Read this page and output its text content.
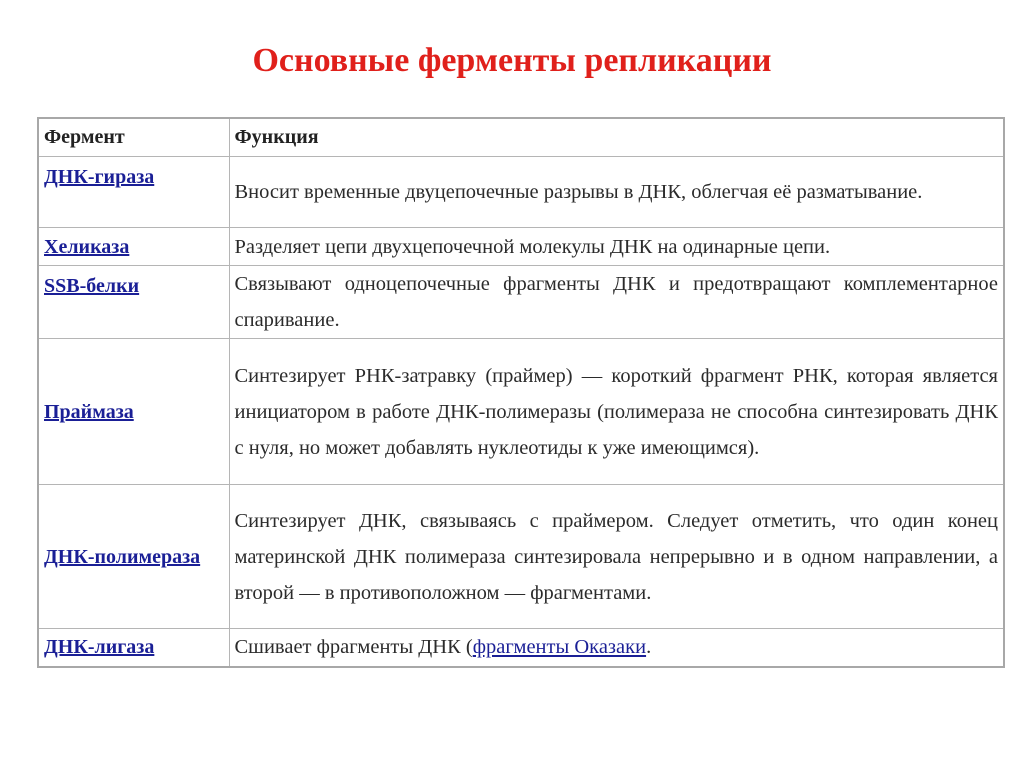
Основные ферменты репликации
Фермент	Функция
ДНК-гираза	Вносит временные двуцепочечные разрывы в ДНК, облегчая её разматывание.
Хеликаза	Разделяет цепи двухцепочечной молекулы ДНК на одинарные цепи.
SSB-белки	Связывают одноцепочечные фрагменты ДНК и предотвращают комплементарное спаривание.
Праймаза	Синтезирует РНК-затравку (праймер) — короткий фрагмент РНК, которая является инициатором в работе ДНК-полимеразы (полимераза не способна синтезировать ДНК с нуля, но может добавлять нуклеотиды к уже имеющимся).
ДНК-полимераза	Синтезирует ДНК, связываясь с праймером. Следует отметить, что один конец материнской ДНК полимераза синтезировала непрерывно и в одном направлении, а второй — в противоположном — фрагментами.
ДНК-лигаза	Сшивает фрагменты ДНК (фрагменты Оказаки.
